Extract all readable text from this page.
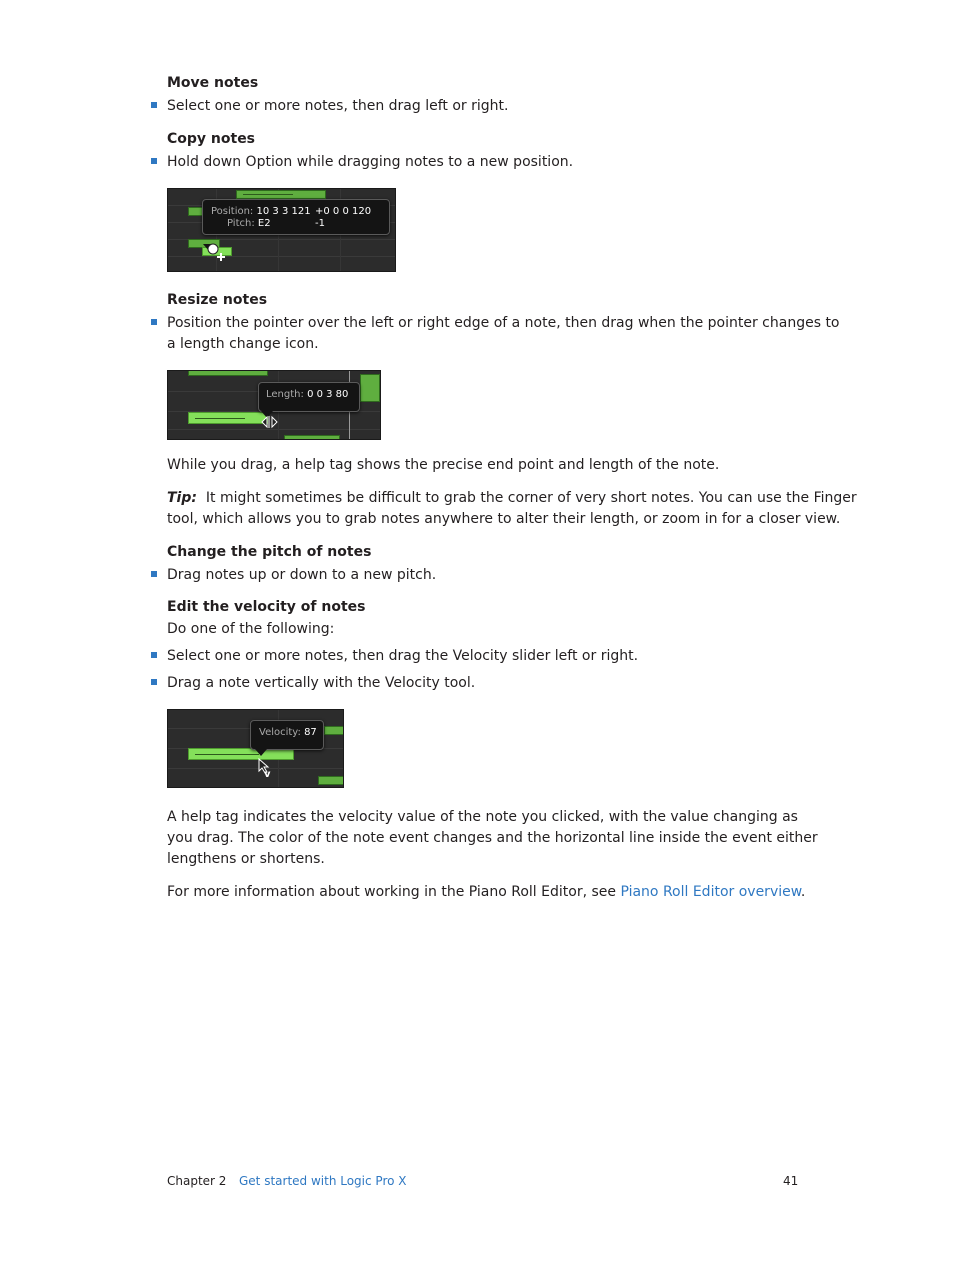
Move notes
Select one or more notes, then drag left or right.
Copy notes
Hold down Option while dragging notes to a new position.
Position: 10 3 3 121 +0 0 0 120
Pitch: E2	-1
Resize notes
Position the pointer over the left or right edge of a note, then drag when the pointer changes to
a length change icon.
Length: 0 0 3 80
While you drag, a help tag shows the precise end point and length of the note.
Tip: It might sometimes be difficult to grab the corner of very short notes. You can use the Finger
tool, which allows you to grab notes anywhere to alter their length, or zoom in for a closer view.
Change the pitch of notes
Drag notes up or down to a new pitch.
Edit the velocity of notes
Do one of the following:
Select one or more notes, then drag the Velocity slider left or right.
Drag a note vertically with the Velocity tool.
Velocity: 87
v
A help tag indicates the velocity value of the note you clicked, with the value changing as
you drag. The color of the note event changes and the horizontal line inside the event either
lengthens or shortens.
For more information about working in the Piano Roll Editor, see Piano Roll Editor overview.
Chapter 2 Get started with Logic Pro X	41
